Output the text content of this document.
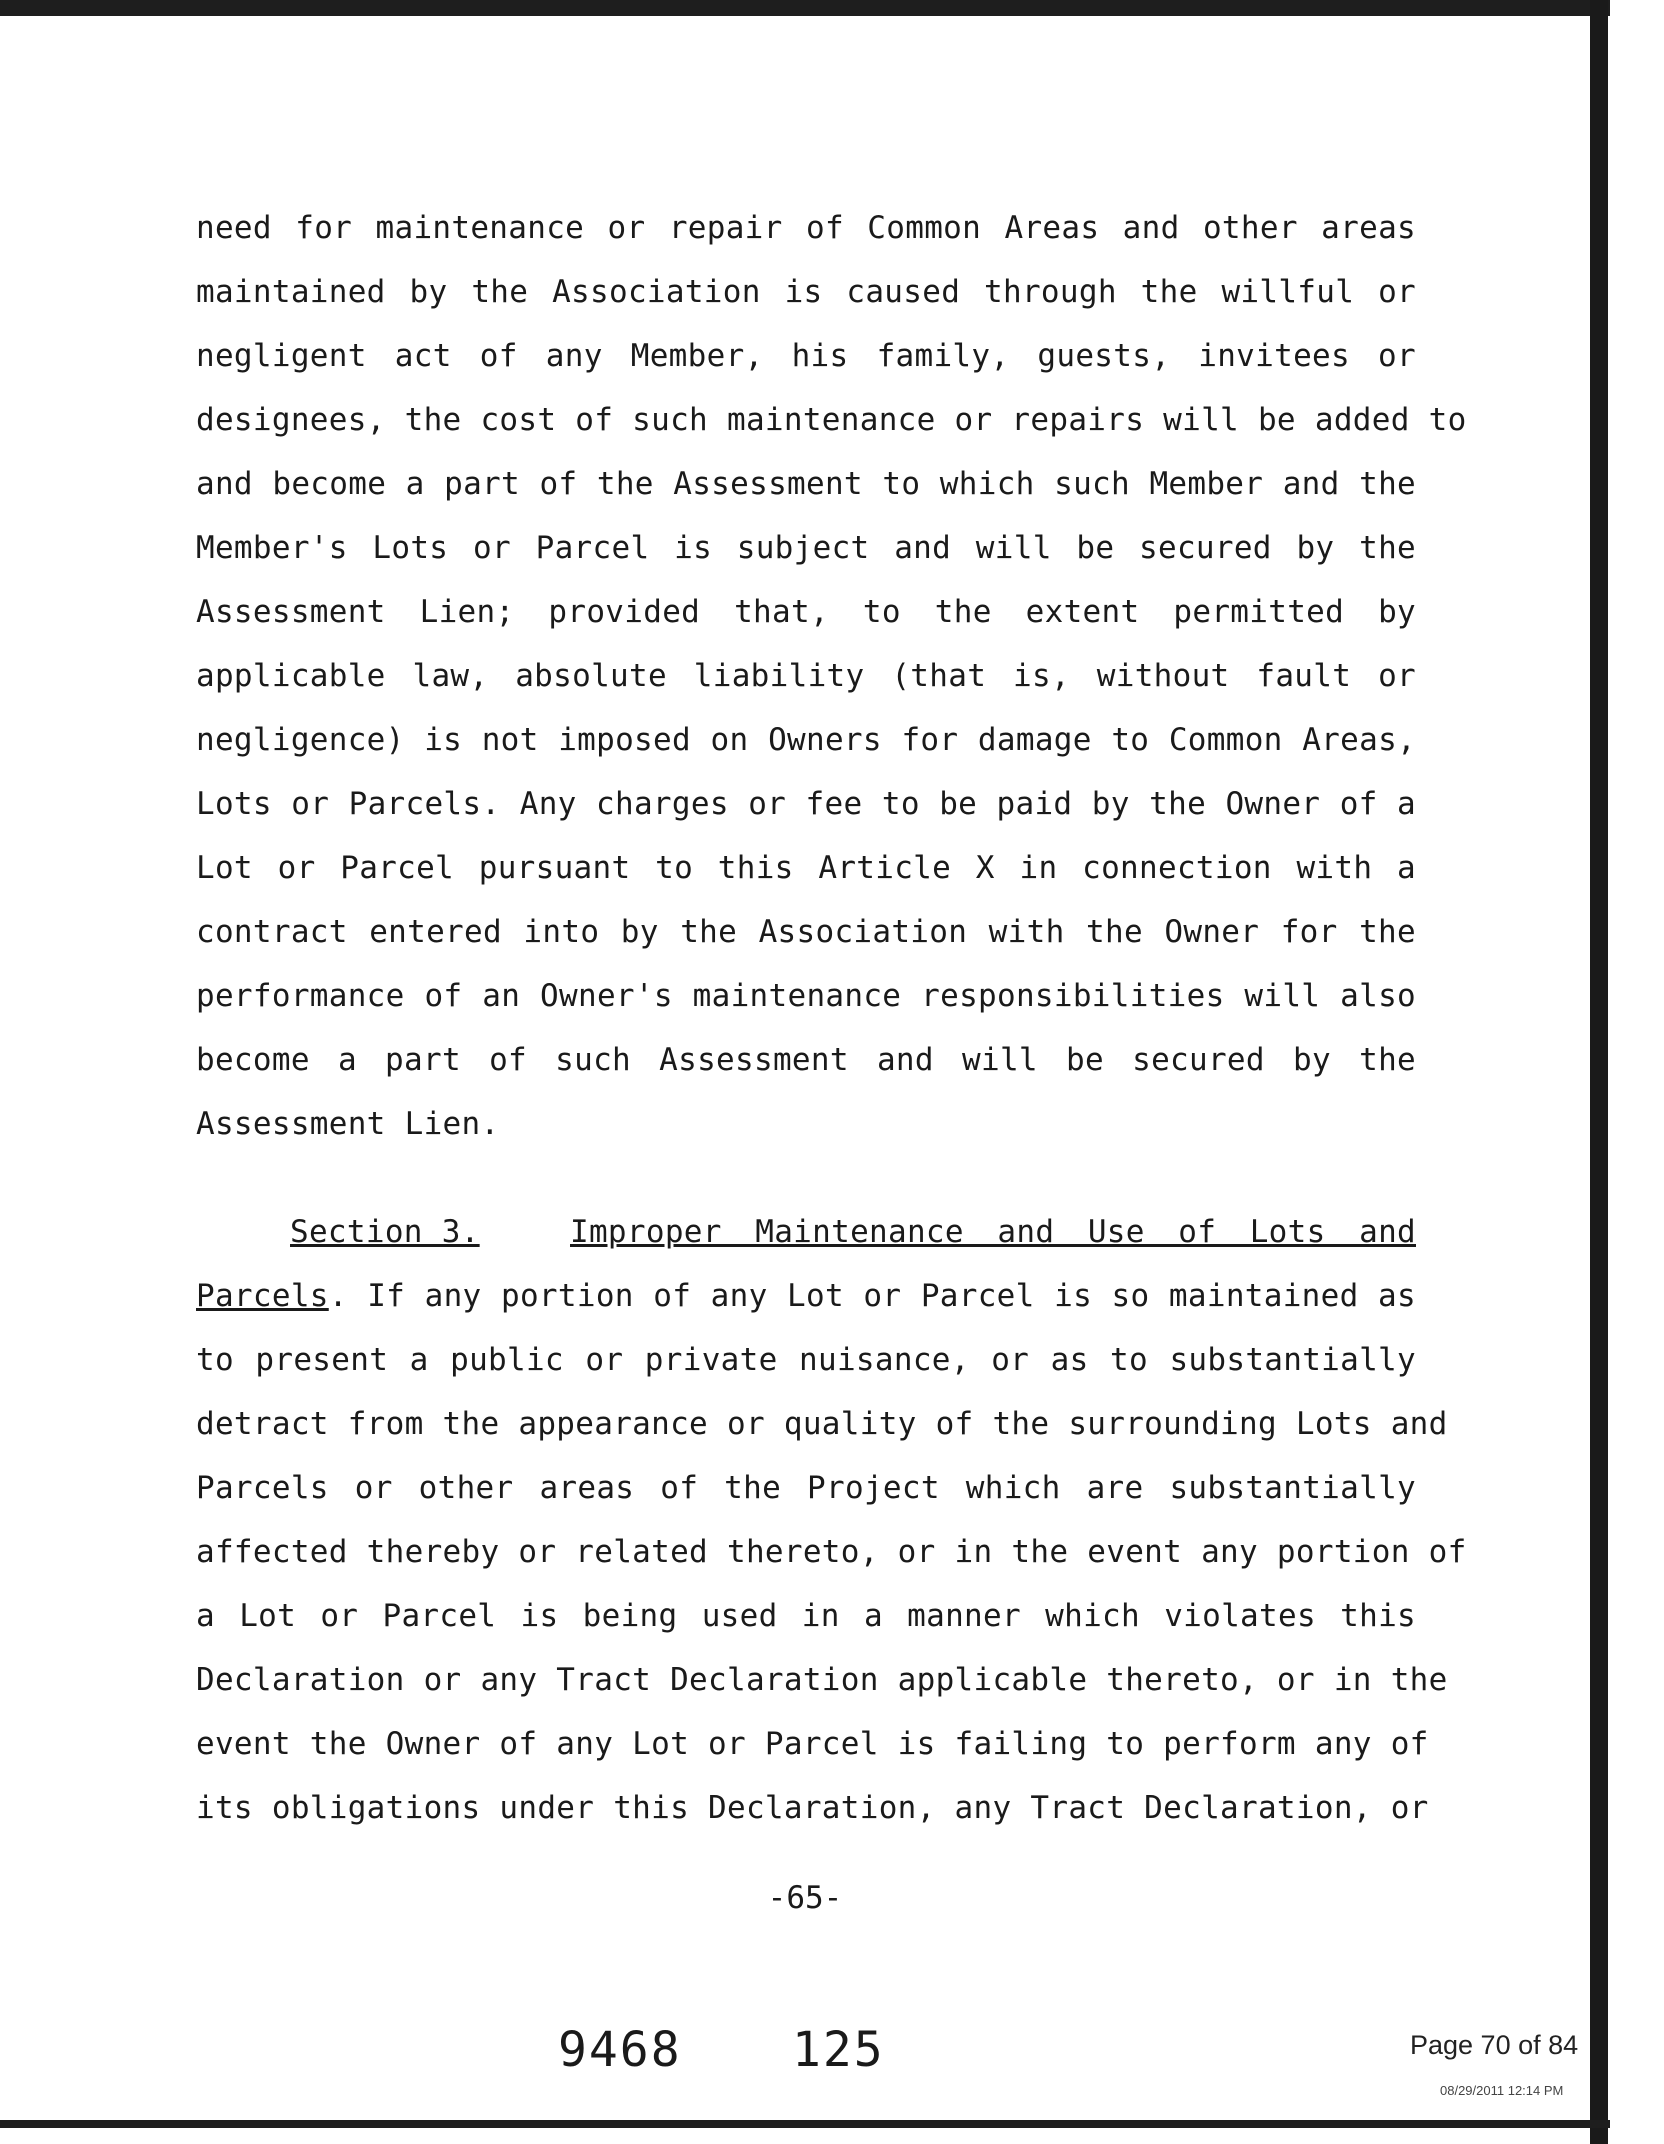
need for maintenance or repair of Common Areas and other areas
maintained by the Association is caused through the willful or
negligent act of any Member, his family, guests, invitees or
designees, the cost of such maintenance or repairs will be added to
and become a part of the Assessment to which such Member and the
Member's Lots or Parcel is subject and will be secured by the
Assessment Lien; provided that, to the extent permitted by
applicable law, absolute liability (that is, without fault or
negligence) is not imposed on Owners for damage to Common Areas,
Lots or Parcels. Any charges or fee to be paid by the Owner of a
Lot or Parcel pursuant to this Article X in connection with a
contract entered into by the Association with the Owner for the
performance of an Owner's maintenance responsibilities will also
become a part of such Assessment and will be secured by the
Assessment Lien.
Section 3.	Improper Maintenance and Use of Lots and
Parcels. If any portion of any Lot or Parcel is so maintained as
to present a public or private nuisance, or as to substantially
detract from the appearance or quality of the surrounding Lots and
Parcels or other areas of the Project which are substantially
affected thereby or related thereto, or in the event any portion of
a Lot or Parcel is being used in a manner which violates this
Declaration or any Tract Declaration applicable thereto, or in the
event the Owner of any Lot or Parcel is failing to perform any of
its obligations under this Declaration, any Tract Declaration, or
-65-
9468 125	Page 70 of 84
08/29/2011 12:14 PM
